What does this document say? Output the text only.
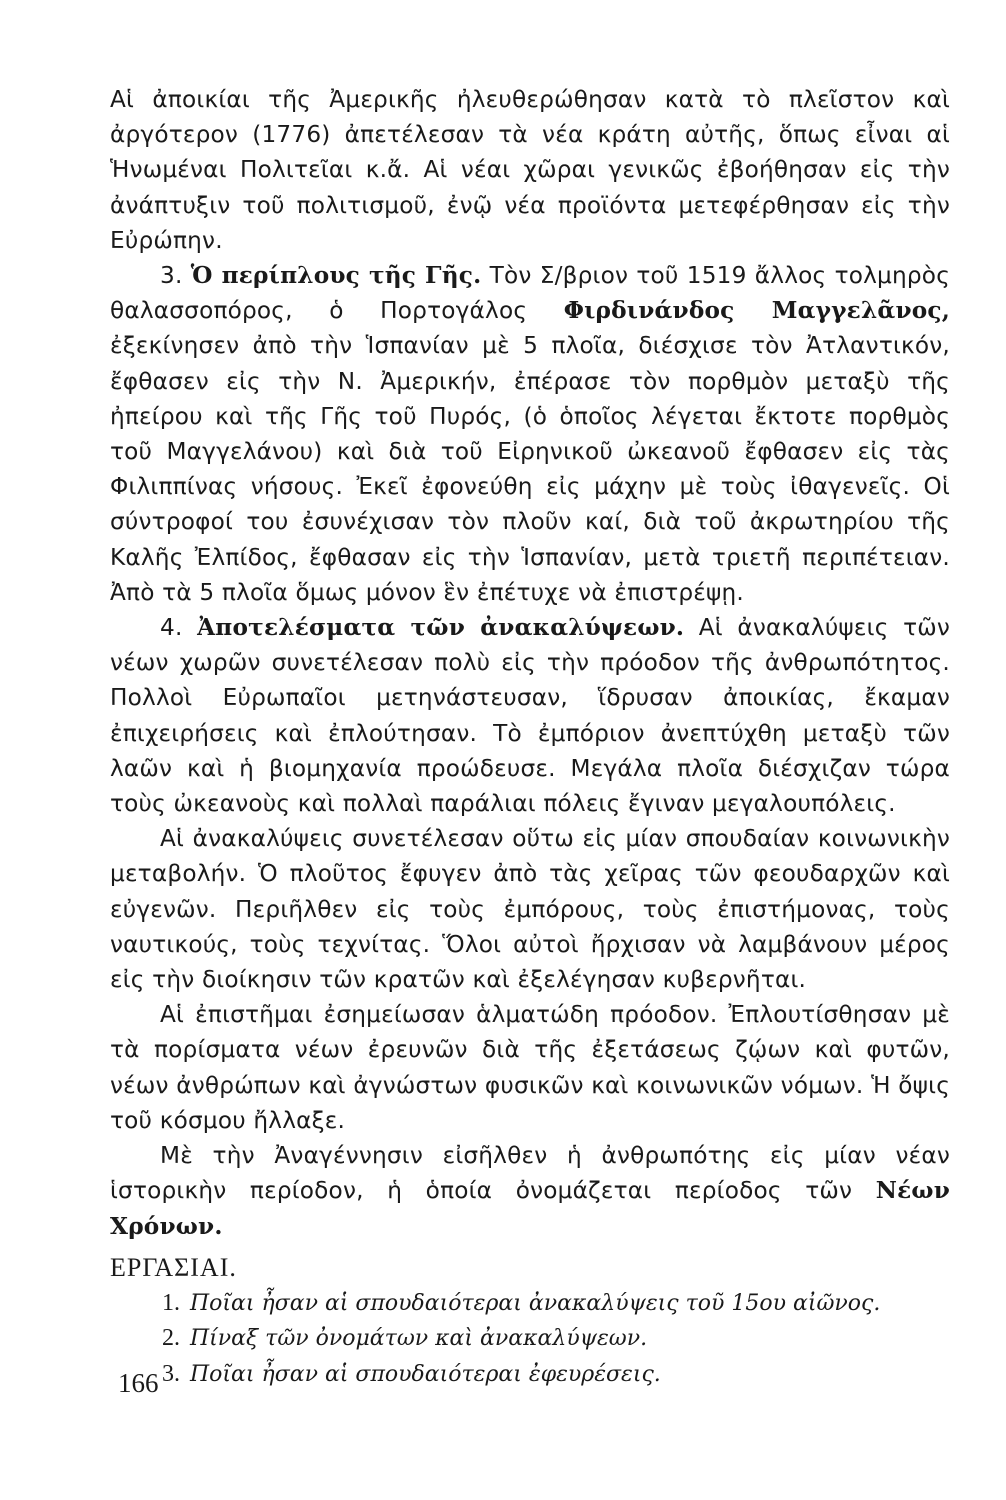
Αἱ ἀποικίαι τῆς Ἀμερικῆς ἠλευθερώθησαν κατὰ τὸ πλεῖστον καὶ ἀργότερον (1776) ἀπετέλεσαν τὰ νέα κράτη αὐτῆς, ὅπως εἶναι αἱ Ἡνωμέναι Πολιτεῖαι κ.ἄ. Αἱ νέαι χῶραι γενικῶς ἐβοήθησαν εἰς τὴν ἀνάπτυξιν τοῦ πολιτισμοῦ, ἐνῷ νέα προϊόντα μετεφέρθησαν εἰς τὴν Εὐρώπην.

3. Ὁ περίπλους τῆς Γῆς. Τὸν Σ/βριον τοῦ 1519 ἄλλος τολμηρὸς θαλασσοπόρος, ὁ Πορτογάλος Φιρδινάνδος Μαγγελᾶνος, ἐξεκίνησεν ἀπὸ τὴν Ἱσπανίαν μὲ 5 πλοῖα, διέσχισε τὸν Ἀτλαντικόν, ἔφθασεν εἰς τὴν Ν. Ἀμερικήν, ἐπέρασε τὸν πορθμὸν μεταξὺ τῆς ἠπείρου καὶ τῆς Γῆς τοῦ Πυρός, (ὁ ὁποῖος λέγεται ἔκτοτε πορθμὸς τοῦ Μαγγελάνου) καὶ διὰ τοῦ Εἰρηνικοῦ ὠκεανοῦ ἔφθασεν εἰς τὰς Φιλιππίνας νήσους. Ἐκεῖ ἐφονεύθη εἰς μάχην μὲ τοὺς ἰθαγενεῖς. Οἱ σύντροφοί του ἐσυνέχισαν τὸν πλοῦν καί, διὰ τοῦ ἀκρωτηρίου τῆς Καλῆς Ἐλπίδος, ἔφθασαν εἰς τὴν Ἱσπανίαν, μετὰ τριετῆ περιπέτειαν. Ἀπὸ τὰ 5 πλοῖα ὅμως μόνον ἓν ἐπέτυχε νὰ ἐπιστρέψῃ.

4. Ἀποτελέσματα τῶν ἀνακαλύψεων. Αἱ ἀνακαλύψεις τῶν νέων χωρῶν συνετέλεσαν πολὺ εἰς τὴν πρόοδον τῆς ἀνθρωπότητος. Πολλοὶ Εὐρωπαῖοι μετηνάστευσαν, ἵδρυσαν ἀποικίας, ἔκαμαν ἐπιχειρήσεις καὶ ἐπλούτησαν. Τὸ ἐμπόριον ἀνεπτύχθη μεταξὺ τῶν λαῶν καὶ ἡ βιομηχανία προώδευσε. Μεγάλα πλοῖα διέσχιζαν τώρα τοὺς ὠκεανοὺς καὶ πολλαὶ παράλιαι πόλεις ἔγιναν μεγαλουπόλεις.

Αἱ ἀνακαλύψεις συνετέλεσαν οὕτω εἰς μίαν σπουδαίαν κοινωνικὴν μεταβολήν. Ὁ πλοῦτος ἔφυγεν ἀπὸ τὰς χεῖρας τῶν φεουδαρχῶν καὶ εὐγενῶν. Περιῆλθεν εἰς τοὺς ἐμπόρους, τοὺς ἐπιστήμονας, τοὺς ναυτικούς, τοὺς τεχνίτας. Ὅλοι αὐτοὶ ἤρχισαν νὰ λαμβάνουν μέρος εἰς τὴν διοίκησιν τῶν κρατῶν καὶ ἐξελέγησαν κυβερνῆται.

Αἱ ἐπιστῆμαι ἐσημείωσαν ἁλματώδη πρόοδον. Ἐπλουτίσθησαν μὲ τὰ πορίσματα νέων ἐρευνῶν διὰ τῆς ἐξετάσεως ζῴων καὶ φυτῶν, νέων ἀνθρώπων καὶ ἀγνώστων φυσικῶν καὶ κοινωνικῶν νόμων. Ἡ ὄψις τοῦ κόσμου ἤλλαξε.

Μὲ τὴν Ἀναγέννησιν εἰσῆλθεν ἡ ἀνθρωπότης εἰς μίαν νέαν ἱστορικὴν περίοδον, ἡ ὁποία ὀνομάζεται περίοδος τῶν Νέων Χρόνων.

ΕΡΓΑΣΙΑΙ.
1. Ποῖαι ἦσαν αἱ σπουδαιότεραι ἀνακαλύψεις τοῦ 15ου αἰῶνος.
2. Πίναξ τῶν ὀνομάτων καὶ ἀνακαλύψεων.
3. Ποῖαι ἦσαν αἱ σπουδαιότεραι ἐφευρέσεις.
166
